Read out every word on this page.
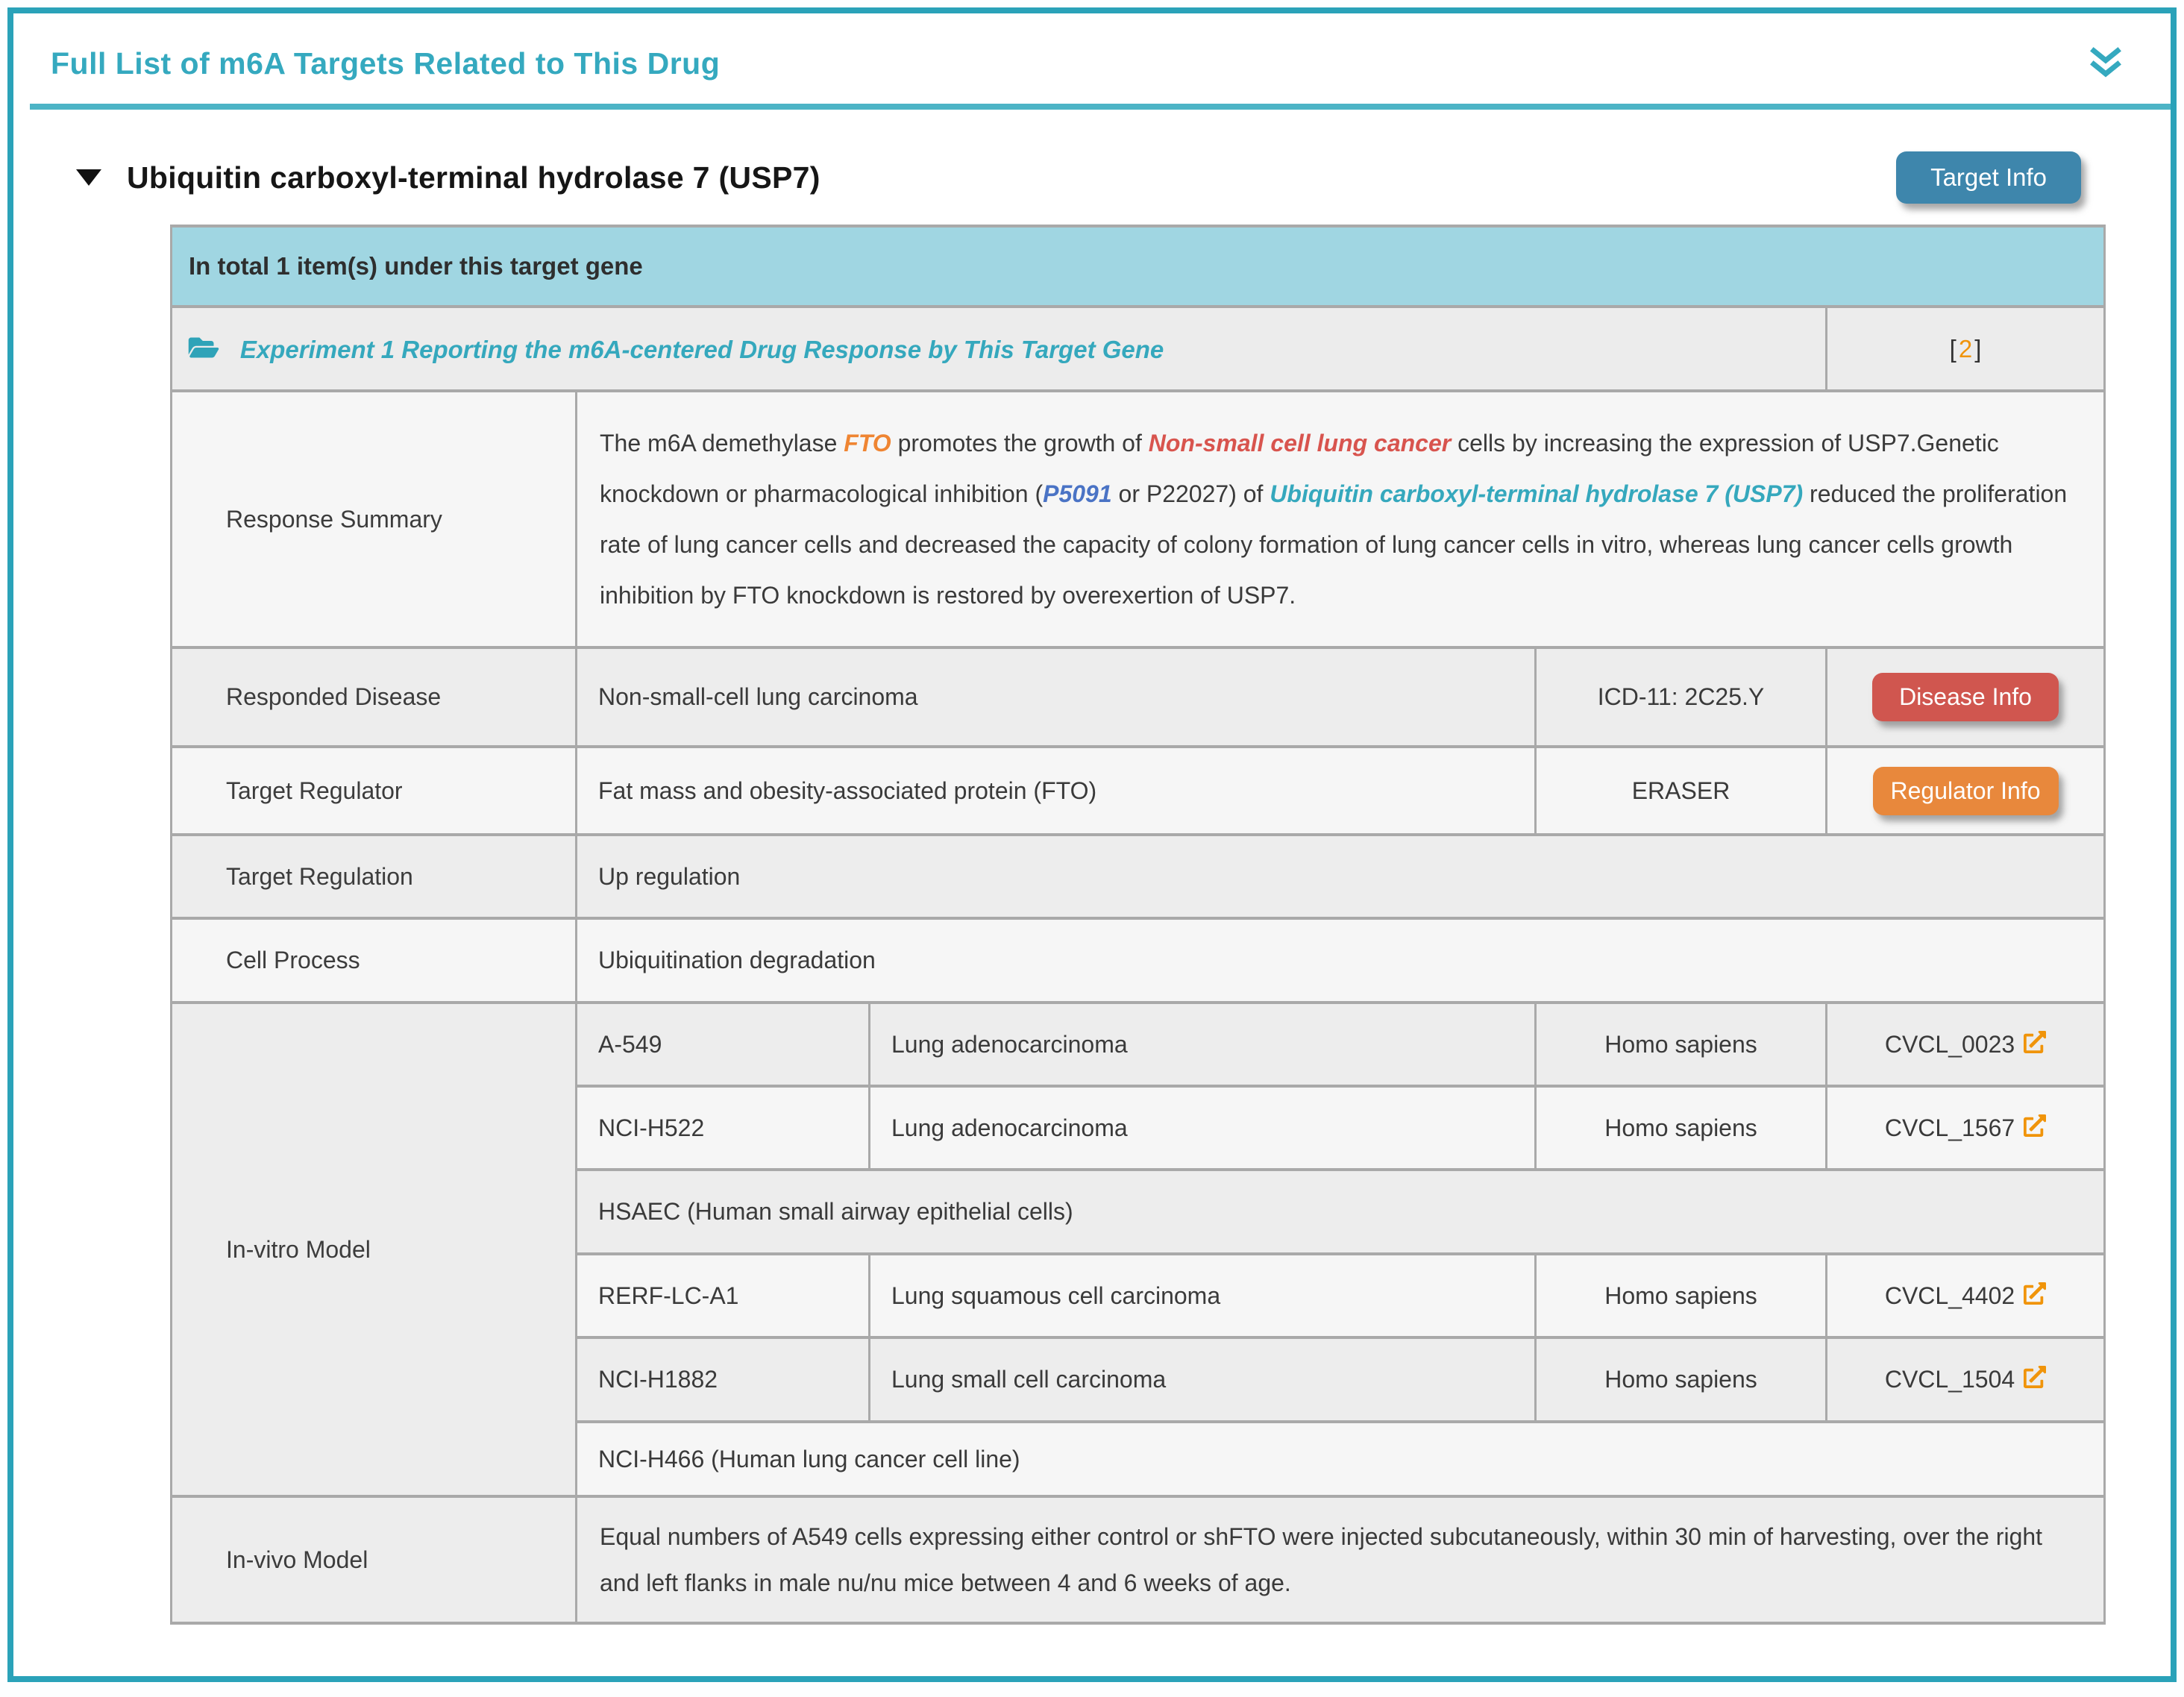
Full List of m6A Targets Related to This Drug
Ubiquitin carboxyl-terminal hydrolase 7 (USP7)	Target Info
In total 1 item(s) under this target gene				
Experiment 1 Reporting the m6A-centered Drug Response by This Target Gene				[2]
Response Summary	The m6A demethylase FTO promotes the growth of Non-small cell lung cancer cells by increasing the expression of USP7.Genetic knockdown or pharmacological inhibition (P5091 or P22027) of Ubiquitin carboxyl-terminal hydrolase 7 (USP7) reduced the proliferation rate of lung cancer cells and decreased the capacity of colony formation of lung cancer cells in vitro, whereas lung cancer cells growth inhibition by FTO knockdown is restored by overexertion of USP7.			
Responded Disease	Non-small-cell lung carcinoma		ICD-11: 2C25.Y	Disease Info
Target Regulator	Fat mass and obesity-associated protein (FTO)		ERASER	Regulator Info
Target Regulation	Up regulation			
Cell Process	Ubiquitination degradation			
In-vitro Model	A-549	Lung adenocarcinoma	Homo sapiens	CVCL_0023
	NCI-H522	Lung adenocarcinoma	Homo sapiens	CVCL_1567
	HSAEC (Human small airway epithelial cells)			
	RERF-LC-A1	Lung squamous cell carcinoma	Homo sapiens	CVCL_4402
	NCI-H1882	Lung small cell carcinoma	Homo sapiens	CVCL_1504
	NCI-H466 (Human lung cancer cell line)			
In-vivo Model	Equal numbers of A549 cells expressing either control or shFTO were injected subcutaneously, within 30 min of harvesting, over the right and left flanks in male nu/nu mice between 4 and 6 weeks of age.			
